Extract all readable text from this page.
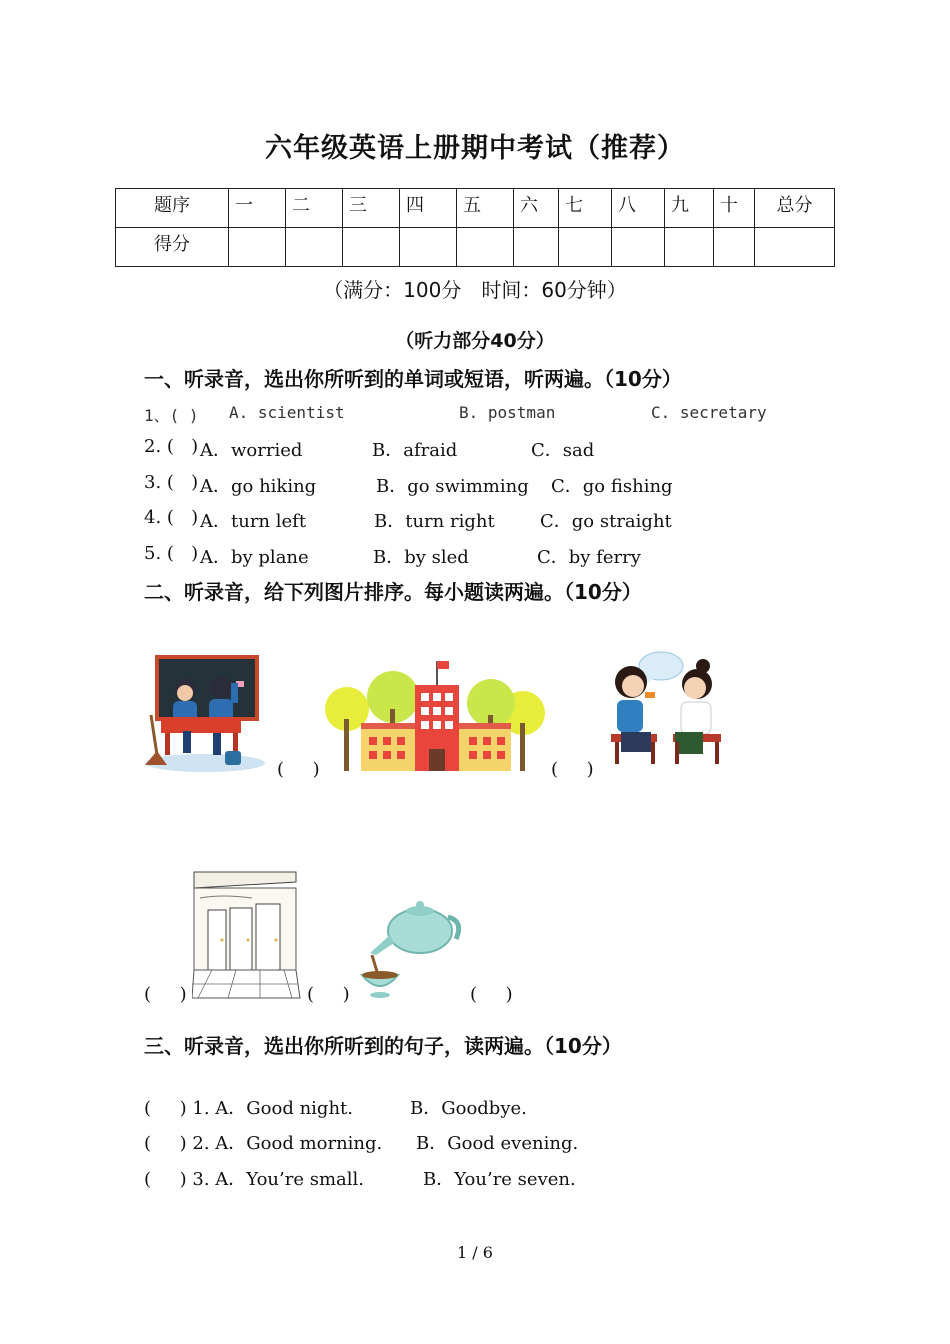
六年级英语上册期中考试（推荐）
题序	一	二	三	四	五	六	七	八	九	十	总分
得分											
（满分：100分　时间：60分钟）
（听力部分40分）
一、听录音，选出你所听到的单词或短语，听两遍。（10分）
1、( ) A. scientist	B. postman	C. secretary
2. (   ) A．worried	B．afraid	C．sad
3. (   ) A．go hiking	B．go swimming C．go fishing
4. (   ) A．turn left	B．turn right	C．go straight
5. (   ) A．by plane	B．by sled	C．by ferry
二、听录音，给下列图片排序。每小题读两遍。（10分）
(     )	(     )
(     )	(     )	(     )
三、听录音，选出你所听到的句子，读两遍。（10分）
(     ) 1. A．Good night.	B．Goodbye.
(     ) 2. A．Good morning. B．Good evening.
(     ) 3. A．You’re small.	B．You’re seven.
1 / 6
